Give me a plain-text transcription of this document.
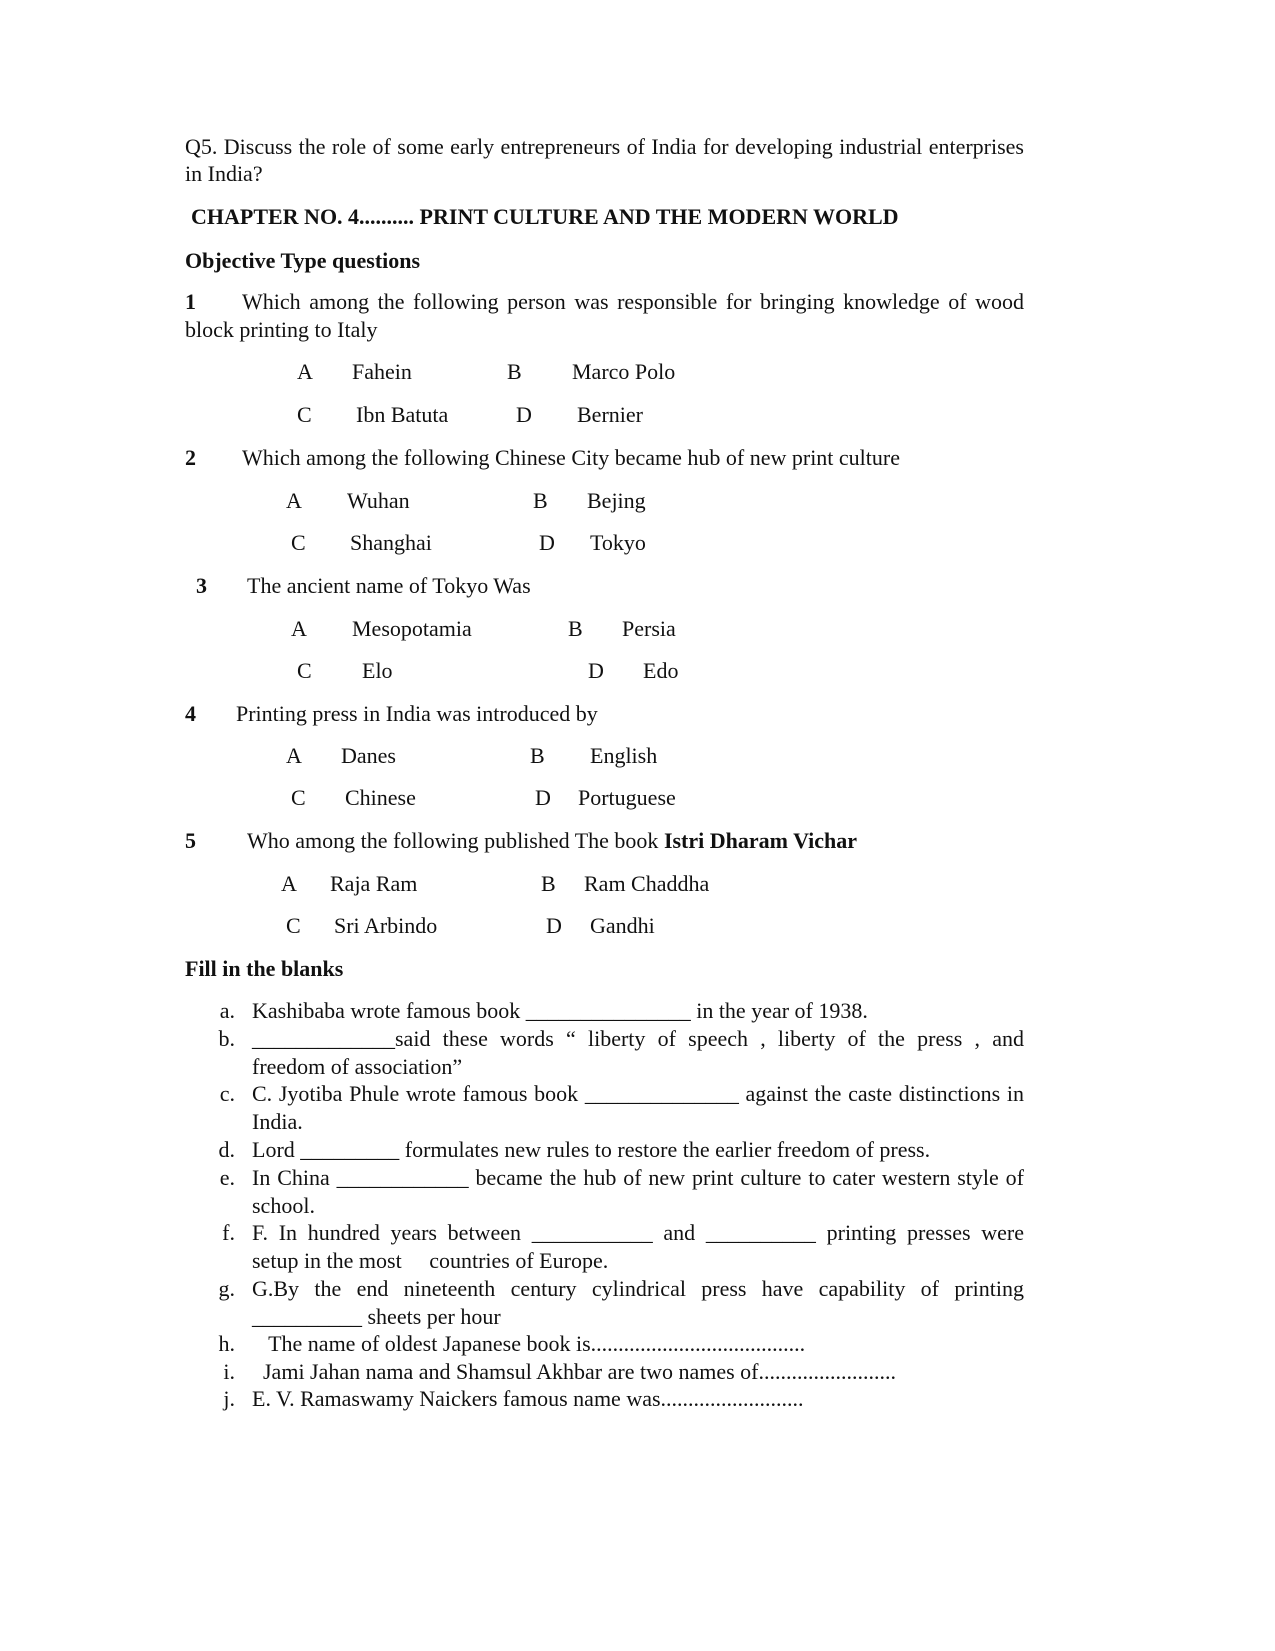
Q5. Discuss the role of some early entrepreneurs of India for developing industrial enterprises
in India?
CHAPTER NO. 4.......... PRINT CULTURE AND THE MODERN WORLD
Objective Type questions
1 Which among the following person was responsible for bringing knowledge of wood
block printing to Italy
A Fahein	B Marco Polo
C Ibn Batuta	D Bernier
2 Which among the following Chinese City became hub of new print culture
A Wuhan	B Bejing
C Shanghai	D Tokyo
3 The ancient name of Tokyo Was
A Mesopotamia	B Persia
C Elo	D Edo
4 Printing press in India was introduced by
A Danes	B English
C Chinese	D Portuguese
5 Who among the following published The book Istri Dharam Vichar
A Raja Ram	B Ram Chaddha
C Sri Arbindo	D Gandhi
Fill in the blanks
a. Kashibaba wrote famous book _______________ in the year of 1938.
b. _____________said these words “ liberty of speech , liberty of the press , and
freedom of association”
c. C. Jyotiba Phule wrote famous book ______________ against the caste distinctions in
India.
d. Lord _________ formulates new rules to restore the earlier freedom of press.
e. In China ____________ became the hub of new print culture to cater western style of
school.
f. F. In hundred years between ___________ and __________ printing presses were
setup in the most     countries of Europe.
g. G.By the end nineteenth century cylindrical press have capability of printing
__________ sheets per hour
h. The name of oldest Japanese book is.......................................
i. Jami Jahan nama and Shamsul Akhbar are two names of.........................
j. E. V. Ramaswamy Naickers famous name was..........................
